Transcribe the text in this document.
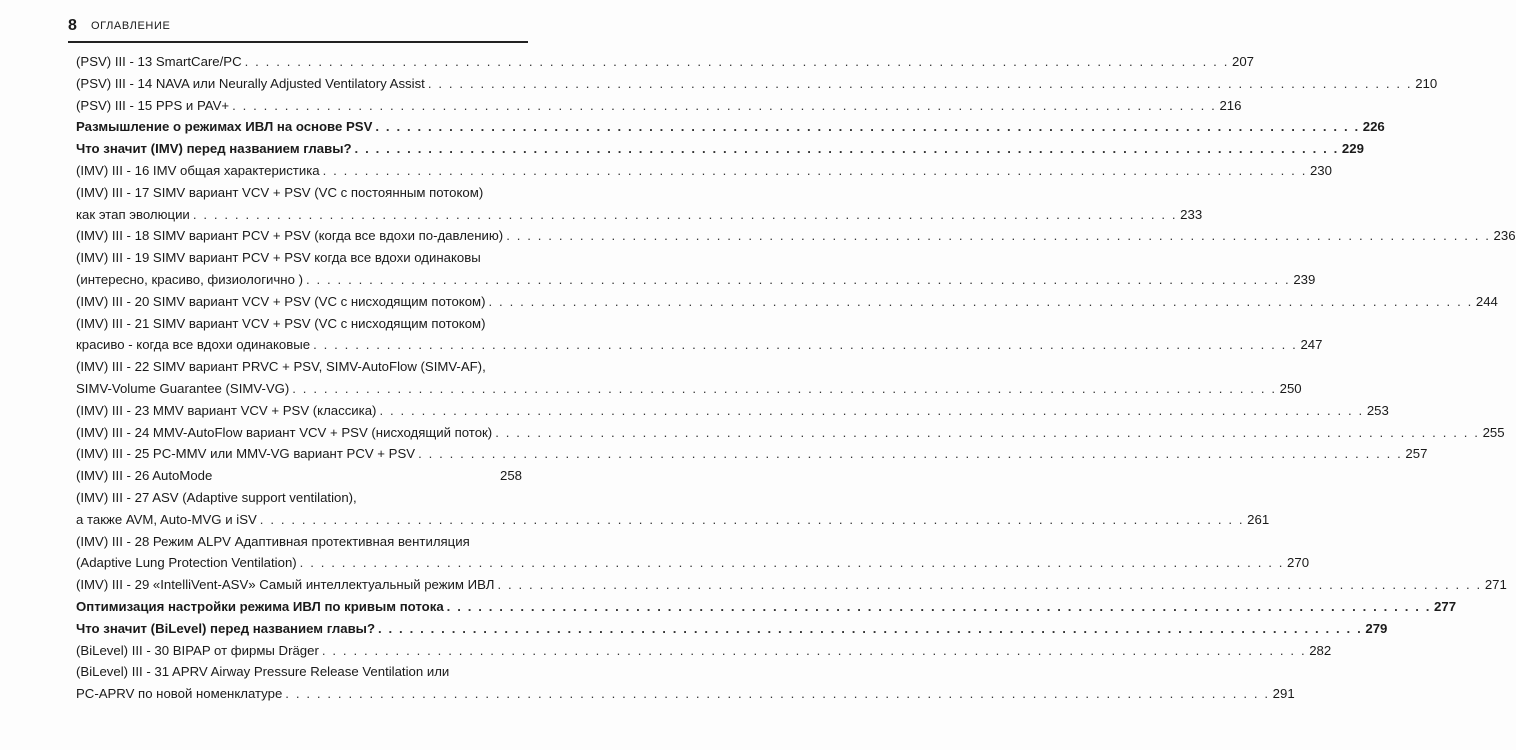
8 ОГЛАВЛЕНИЕ
(PSV) III - 13 SmartCare/PC . . .	207
(PSV) III - 14 NAVA или Neurally Adjusted Ventilatory Assist . . .	210
(PSV) III - 15 PPS и PAV+ . . .	216
Размышление о режимах ИВЛ на основе PSV . . .	226
Что значит (IMV) перед названием главы? . . .	229
(IMV) III - 16 IMV общая характеристика . . .	230
(IMV) III - 17 SIMV вариант VCV + PSV (VC с постоянным потоком)
как этап эволюции . . .	233
(IMV) III - 18 SIMV вариант PCV + PSV (когда все вдохи по-давлению) . . .	236
(IMV) III - 19 SIMV вариант PCV + PSV когда все вдохи одинаковы
(интересно, красиво, физиологично ) . . .	239
(IMV) III - 20 SIMV вариант VCV + PSV (VC с нисходящим потоком) . . .	244
(IMV) III - 21 SIMV вариант VCV + PSV (VC с нисходящим потоком)
красиво - когда все вдохи одинаковые . . .	247
(IMV) III - 22 SIMV вариант PRVC + PSV, SIMV-AutoFlow (SIMV-AF),
SIMV-Volume Guarantee (SIMV-VG) . . .	250
(IMV) III - 23 MMV вариант VCV + PSV (классика) . . .	253
(IMV) III - 24 MMV-AutoFlow вариант VCV + PSV (нисходящий поток) . . .	255
(IMV) III - 25 PC-MMV или MMV-VG вариант PCV + PSV . . .	257
(IMV) III - 26 AutoMode	258
(IMV) III - 27 ASV (Adaptive support ventilation),
а также AVM, Auto-MVG и iSV . . .	261
(IMV) III - 28 Режим ALPV Адаптивная протективная вентиляция
(Adaptive Lung Protection Ventilation) . . .	270
(IMV) III - 29 «IntelliVent-ASV» Самый интеллектуальный режим ИВЛ . . .	271
Оптимизация настройки режима ИВЛ по кривым потока . . .	277
Что значит (BiLevel) перед названием главы? . . .	279
(BiLevel) III - 30 BIPAP от фирмы Dräger . . .	282
(BiLevel) III - 31 APRV Airway Pressure Release Ventilation или
PC-APRV по новой номенклатуре . . .	291
